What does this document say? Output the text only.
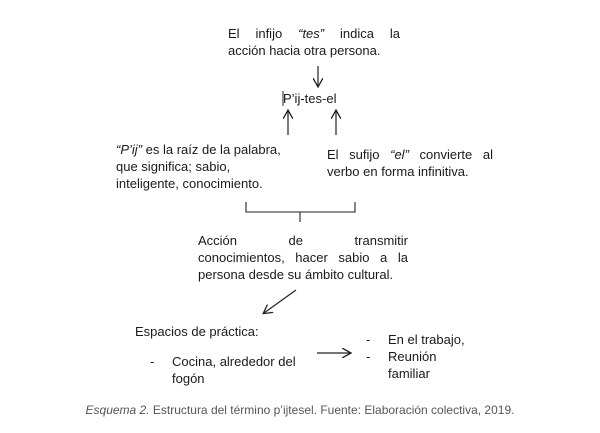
El infijo “tes” indica la
acción hacia otra persona.
P’ij-tes-el
“P’ij” es la raíz de la palabra,
que significa; sabio,
inteligente, conocimiento.
El sufijo “el” convierte al
verbo en forma infinitiva.
Acción de transmitir
conocimientos, hacer sabio a la
persona desde su ámbito cultural.
Espacios de práctica:
- Cocina, alrededor del
fogón
- En el trabajo,
- Reunión
familiar
Esquema 2. Estructura del término p’ijtesel. Fuente: Elaboración colectiva, 2019.
